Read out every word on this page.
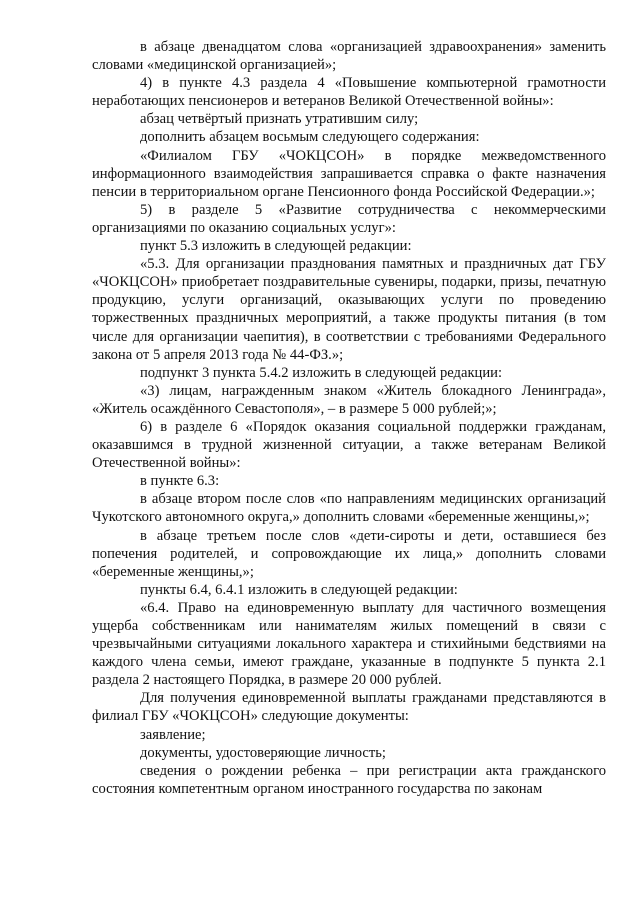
в абзаце двенадцатом слова «организацией здравоохранения» заменить словами «медицинской организацией»;

4) в пункте 4.3 раздела 4 «Повышение компьютерной грамотности неработающих пенсионеров и ветеранов Великой Отечественной войны»:

абзац четвёртый признать утратившим силу;

дополнить абзацем восьмым следующего содержания:

«Филиалом ГБУ «ЧОКЦСОН» в порядке межведомственного информационного взаимодействия запрашивается справка о факте назначения пенсии в территориальном органе Пенсионного фонда Российской Федерации.»;

5) в разделе 5 «Развитие сотрудничества с некоммерческими организациями по оказанию социальных услуг»:

пункт 5.3 изложить в следующей редакции:

«5.3. Для организации празднования памятных и праздничных дат ГБУ «ЧОКЦСОН» приобретает поздравительные сувениры, подарки, призы, печатную продукцию, услуги организаций, оказывающих услуги по проведению торжественных праздничных мероприятий, а также продукты питания (в том числе для организации чаепития), в соответствии с требованиями Федерального закона от 5 апреля 2013 года № 44-ФЗ.»;

подпункт 3 пункта 5.4.2 изложить в следующей редакции:

«3) лицам, награжденным знаком «Житель блокадного Ленинграда», «Житель осаждённого Севастополя», – в размере 5 000 рублей;»;

6) в разделе 6 «Порядок оказания социальной поддержки гражданам, оказавшимся в трудной жизненной ситуации, а также ветеранам Великой Отечественной войны»:

в пункте 6.3:

в абзаце втором после слов «по направлениям медицинских организаций Чукотского автономного округа,» дополнить словами «беременные женщины,»;

в абзаце третьем после слов «дети-сироты и дети, оставшиеся без попечения родителей, и сопровождающие их лица,» дополнить словами «беременные женщины,»;

пункты 6.4, 6.4.1 изложить в следующей редакции:

«6.4. Право на единовременную выплату для частичного возмещения ущерба собственникам или нанимателям жилых помещений в связи с чрезвычайными ситуациями локального характера и стихийными бедствиями на каждого члена семьи, имеют граждане, указанные в подпункте 5 пункта 2.1 раздела 2 настоящего Порядка, в размере 20 000 рублей.

Для получения единовременной выплаты гражданами представляются в филиал ГБУ «ЧОКЦСОН» следующие документы:

заявление;

документы, удостоверяющие личность;

сведения о рождении ребенка – при регистрации акта гражданского состояния компетентным органом иностранного государства по законам
